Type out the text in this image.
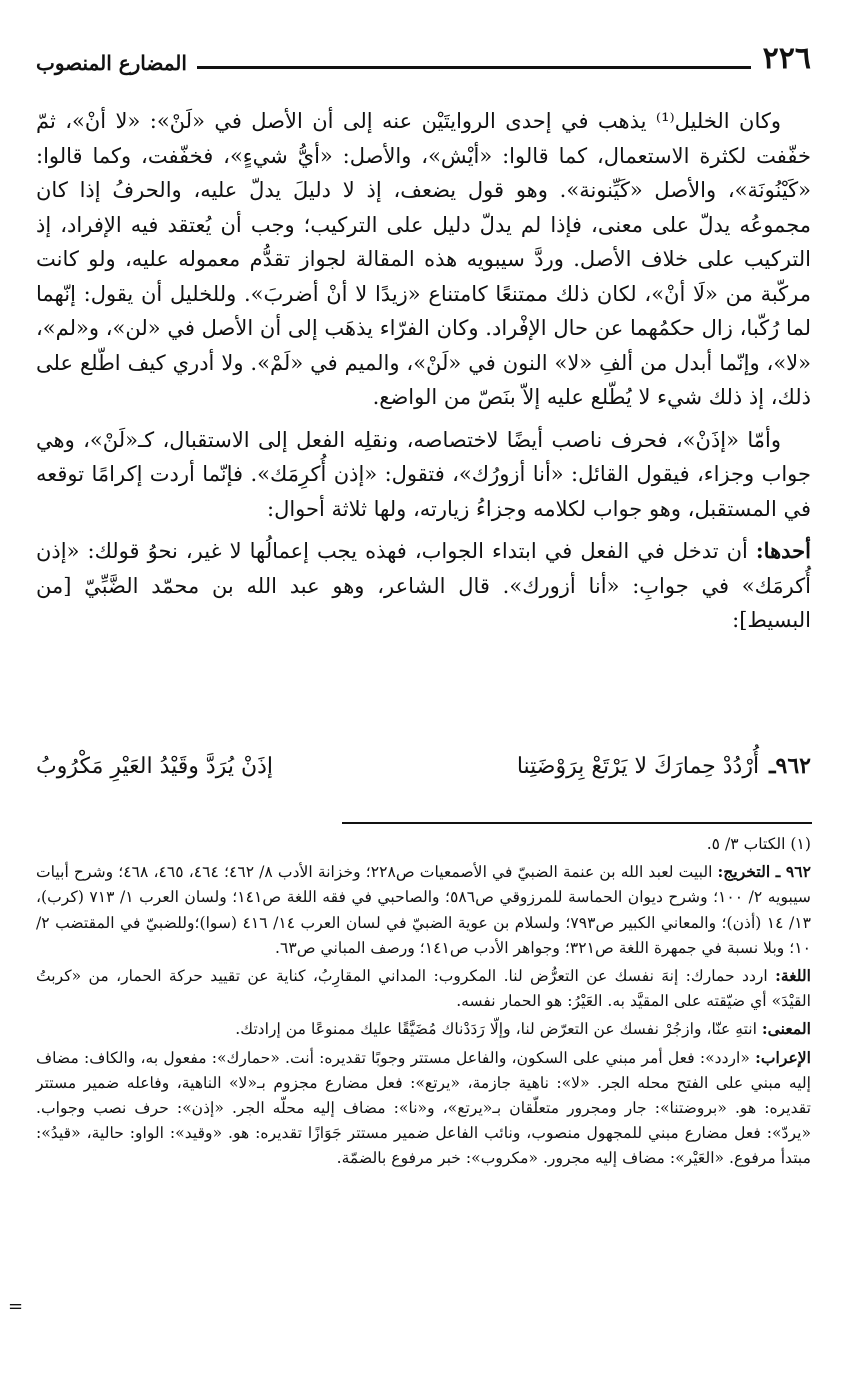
٢٢٦
المضارع المنصوب

وكان الخليل⁽¹⁾ يذهب في إحدى الروايتَيْن عنه إلى أن الأصل في «لَنْ»: «لا أنْ»، ثمّ خفّفت لكثرة الاستعمال، كما قالوا: «أيْش»، والأصل: «أيُّ شيءٍ»، فخفّفت، وكما قالوا: «كَيْنُونَة»، والأصل «كَيِّنونة». وهو قول يضعف، إذ لا دليلَ يدلّ عليه، والحرفُ إذا كان مجموعُه يدلّ على معنى، فإذا لم يدلّ دليل على التركيب؛ وجب أن يُعتقد فيه الإفراد، إذ التركيب على خلاف الأصل. وردَّ سيبويه هذه المقالة لجواز تقدُّم معموله عليه، ولو كانت مركّبة من «لَا أنْ»، لكان ذلك ممتنعًا كامتناع «زيدًا لا أنْ أضربَ». وللخليل أن يقول: إنّهما لما رُكّبا، زال حكمُهما عن حال الإفْراد. وكان الفرّاء يذهَب إلى أن الأصل في «لن»، و«لم»، «لا»، وإنّما أبدل من ألفِ «لا» النون في «لَنْ»، والميم في «لَمْ». ولا أدري كيف اطّلع على ذلك، إذ ذلك شيء لا يُطّلع عليه إلاّ بنَصّ من الواضع.

وأمّا «إذَنْ»، فحرف ناصب أيضًا لاختصاصه، ونقلِه الفعل إلى الاستقبال، كـ«لَنْ»، وهي جواب وجزاء، فيقول القائل: «أنا أزورُك»، فتقول: «إذن أُكرِمَك». فإنّما أردت إكرامًا توقعه في المستقبل، وهو جواب لكلامه وجزاءُ زيارته، ولها ثلاثة أحوال:

أحدها: أن تدخل في الفعل في ابتداء الجواب، فهذه يجب إعمالُها لا غير، نحوُ قولك: «إذن أُكرمَك» في جوابِ: «أنا أزورك». قال الشاعر، وهو عبد الله بن محمّد الضَّبِّيّ [من البسيط]:

٩٦٢ـ
أُرْدُدْ حِمارَكَ لا يَرْتَعْ بِرَوْضَتِنا
إذَنْ يُرَدَّ وقَيْدُ العَيْرِ مَكْرُوبُ

(١) الكتاب ٣/ ٥.

٩٦٢ ـ التخريج: البيت لعبد الله بن عنمة الضبيّ في الأصمعيات ص٢٢٨؛ وخزانة الأدب ٨/ ٤٦٢؛ ٤٦٤، ٤٦٥، ٤٦٨؛ وشرح أبيات سيبويه ٢/ ١٠٠؛ وشرح ديوان الحماسة للمرزوقي ص٥٨٦؛ والصاحبي في فقه اللغة ص١٤١؛ ولسان العرب ١/ ٧١٣ (كرب)، ١٣/ ١٤ (أذن)؛ والمعاني الكبير ص٧٩٣؛ ولسلام بن عوية الضبيّ في لسان العرب ١٤/ ٤١٦ (سوا)؛وللضبيّ في المقتضب ٢/ ١٠؛ وبلا نسبة في جمهرة اللغة ص٣٢١؛ وجواهر الأدب ص١٤١؛ ورصف المباني ص٦٣.

اللغة: اردد حمارك: إنهَ نفسك عن التعرُّض لنا. المكروب: المداني المقارِبُ، كناية عن تقييد حركة الحمار، من «كربتُ القيْدَ» أي ضيّقته على المقيَّد به. العَيْرُ: هو الحمار نفسه.

المعنى: انتهِ عنّا، وازجُرْ نفسك عن التعرّض لنا، وإلّا رَدَدْناك مُضَيَّقًا عليك ممنوعًا من إرادتك.

الإعراب: «اردد»: فعل أمر مبني على السكون، والفاعل مستتر وجوبًا تقديره: أنت. «حمارك»: مفعول به، والكاف: مضاف إليه مبني على الفتح محله الجر. «لا»: ناهية جازمة، «يرتع»: فعل مضارع مجزوم بـ«لا» الناهية، وفاعله ضمير مستتر تقديره: هو. «بروضتنا»: جار ومجرور متعلّقان بـ«يرتع»، و«نا»: مضاف إليه محلّه الجر. «إذن»: حرف نصب وجواب. «يردّ»: فعل مضارع مبني للمجهول منصوب، ونائب الفاعل ضمير مستتر جَوَازًا تقديره: هو. «وقيد»: الواو: حالية، «قيدُ»: مبتدأ مرفوع. «العَيْر»: مضاف إليه مجرور. «مكروب»: خبر مرفوع بالضمّة.

=
